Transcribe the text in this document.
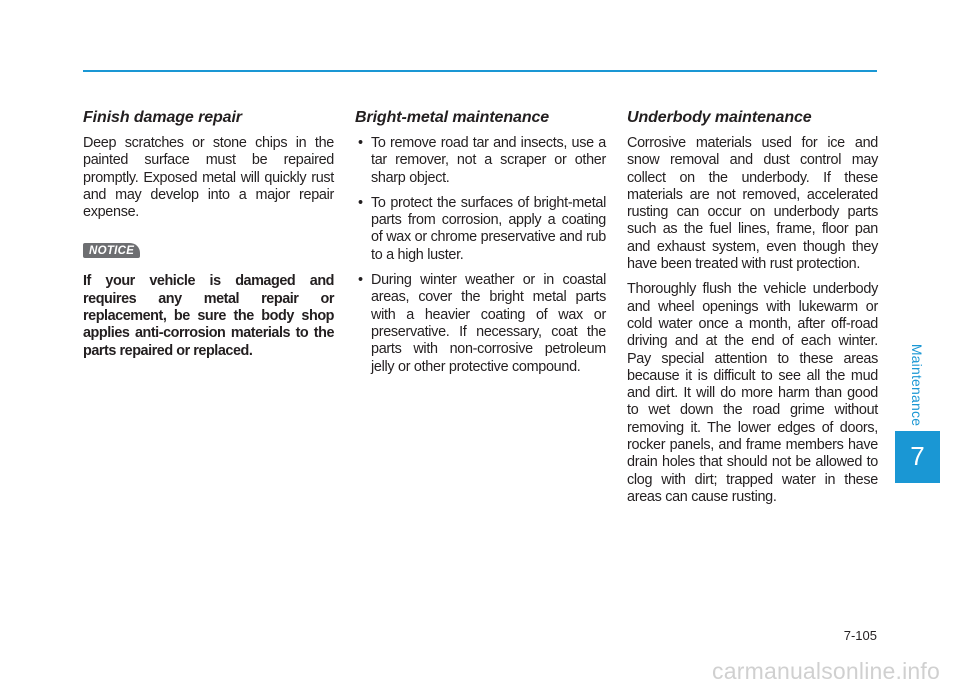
Finish damage repair

Deep scratches or stone chips in the painted surface must be repaired promptly. Exposed metal will quickly rust and may develop into a major repair expense.

NOTICE

If your vehicle is damaged and requires any metal repair or replacement, be sure the body shop applies anti-corrosion materials to the parts repaired or replaced.

Bright-metal maintenance
• To remove road tar and insects, use a tar remover, not a scraper or other sharp object.
• To protect the surfaces of bright-metal parts from corrosion, apply a coating of wax or chrome preservative and rub to a high luster.
• During winter weather or in coastal areas, cover the bright metal parts with a heavier coating of wax or preservative. If necessary, coat the parts with non-corrosive petroleum jelly or other protective compound.
Underbody maintenance

Corrosive materials used for ice and snow removal and dust control may collect on the underbody. If these materials are not removed, accelerated rusting can occur on underbody parts such as the fuel lines, frame, floor pan and exhaust system, even though they have been treated with rust protection.

Thoroughly flush the vehicle underbody and wheel openings with lukewarm or cold water once a month, after off-road driving and at the end of each winter. Pay special attention to these areas because it is difficult to see all the mud and dirt. It will do more harm than good to wet down the road grime without removing it. The lower edges of doors, rocker panels, and frame members have drain holes that should not be allowed to clog with dirt; trapped water in these areas can cause rusting.

Maintenance
7
7-105
carmanualsonline.info
